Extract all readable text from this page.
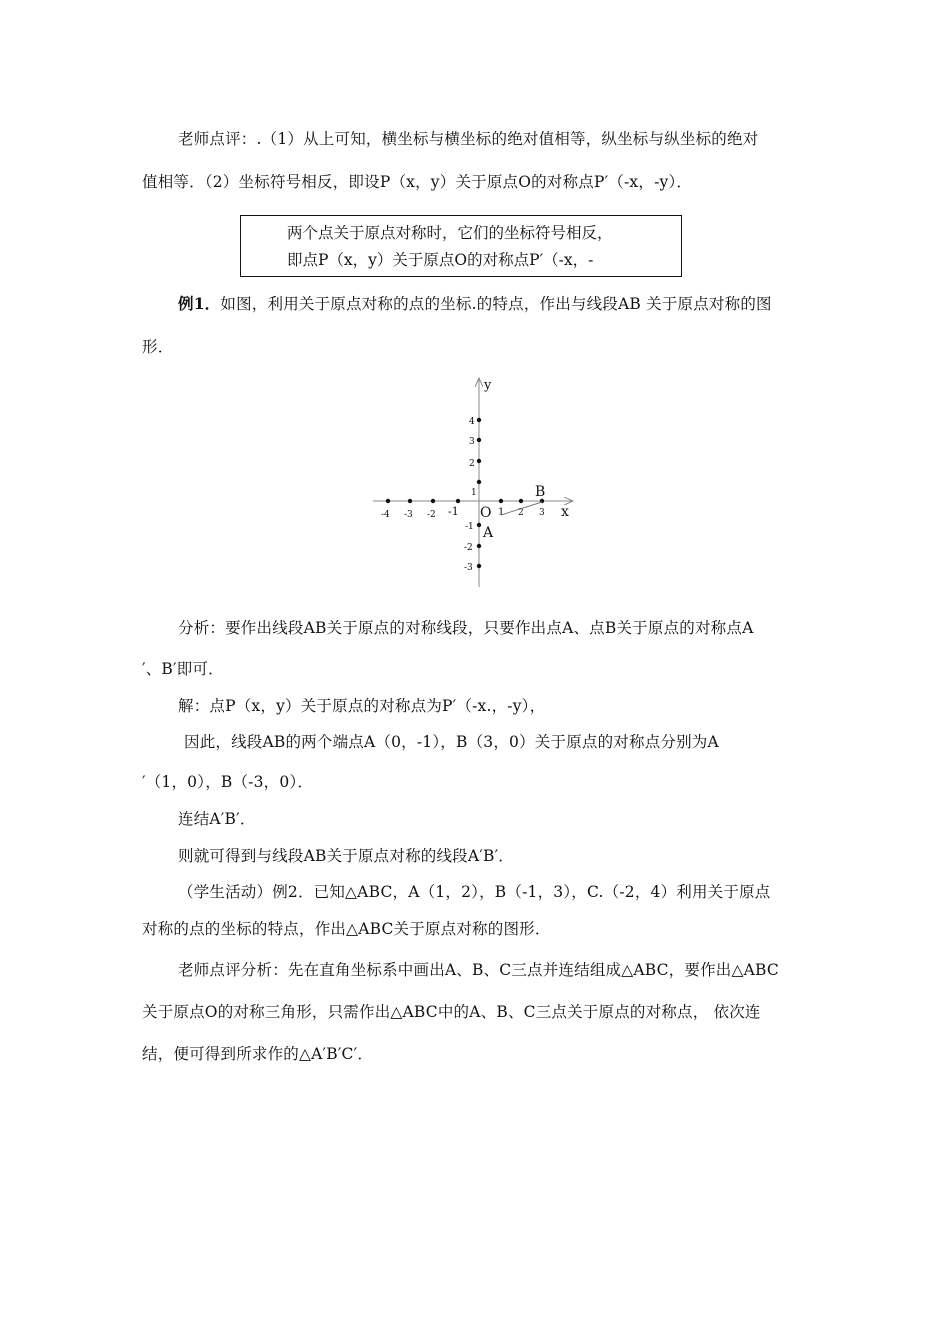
老师点评：.（1）从上可知，横坐标与横坐标的绝对值相等，纵坐标与纵坐标的绝对
值相等．（2）坐标符号相反，即设P（x，y）关于原点O的对称点P′（-x，-y）．
两个点关于原点对称时，它们的坐标符号相反，
即点P（x，y）关于原点O的对称点P′（-x，-
例1．如图，利用关于原点对称的点的坐标.的特点，作出与线段AB 关于原点对称的图
形．
y
x
-4 -3 -2 -1	1 2 3
4
3
2
1
-1
-2
-3
O
A
B
分析：要作出线段AB关于原点的对称线段，只要作出点A、点B关于原点的对称点A
′、B′即可．
解：点P（x，y）关于原点的对称点为P′（-x.，-y），
因此，线段AB的两个端点A（0，-1），B（3，0）关于原点的对称点分别为A
′（1，0），B（-3，0）．
连结A′B′．
则就可得到与线段AB关于原点对称的线段A′B′．
（学生活动）例2．已知△ABC，A（1，2），B（-1，3），C.（-2，4）利用关于原点
对称的点的坐标的特点，作出△ABC关于原点对称的图形．
老师点评分析：先在直角坐标系中画出A、B、C三点并连结组成△ABC，要作出△ABC
关于原点O的对称三角形，只需作出△ABC中的A、B、C三点关于原点的对称点， 依次连
结，便可得到所求作的△A′B′C′．
